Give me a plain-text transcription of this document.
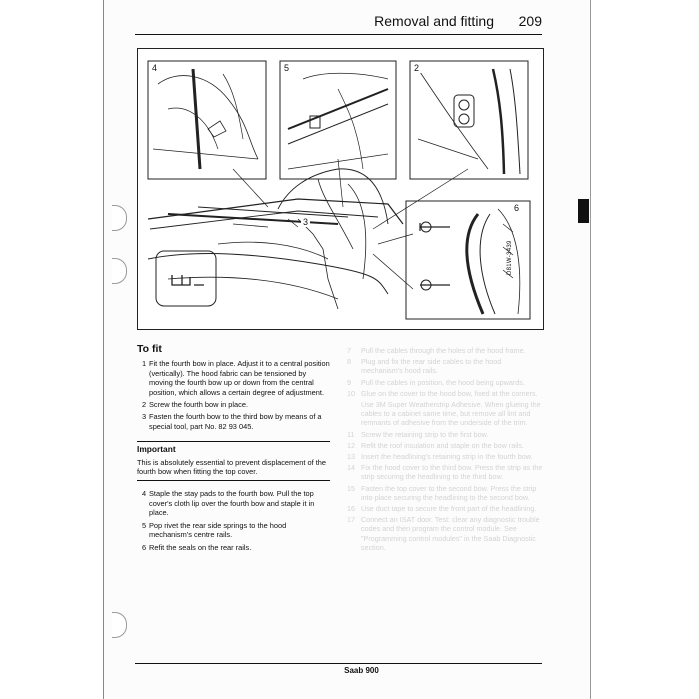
Removal and fitting 209
4	5	2
6
3
D81W-3439
To fit
1 Fit the fourth bow in place. Adjust it to a central position (vertically). The hood fabric can be tensioned by moving the fourth bow up or down from the central position, which allows a certain degree of adjustment.
2 Screw the fourth bow in place.
3 Fasten the fourth bow to the third bow by means of a special tool, part No. 82 93 045.
Important
This is absolutely essential to prevent displacement of the fourth bow when fitting the top cover.
4 Staple the stay pads to the fourth bow. Pull the top cover's cloth lip over the fourth bow and staple it in place.
5 Pop rivet the rear side springs to the hood mechanism's centre rails.
6 Refit the seals on the rear rails.
7 Pull the cables through the holes of the hood frame.
8 Plug and fix the rear side cables to the hood mechanism's hood rails.
9 Pull the cables in position, the hood being upwards.
10 Glue on the cover to the hood bow, fixed at the corners.
Use 3M Super Weatherstrip Adhesive. When glueing the cables to a cabinet same time, but remove all lint and remnants of adhesive from the underside of the trim.
11 Screw the retaining strip to the first bow.
12 Refit the roof insulation and staple on the bow rails.
13 Insert the headlining's retaining strip in the fourth bow.
14 Fix the hood cover to the third bow. Press the strip as the strip securing the headlining to the third bow.
15 Fasten the top cover to the second bow. Press the strip into place securing the headlining to the second bow.
16 Use duct tape to secure the front part of the headlining.
17 Connect an ISAT door. Test: clear any diagnostic trouble codes and then program the control module. See "Programming control modules" in the Saab Diagnostic section.
Saab 900
